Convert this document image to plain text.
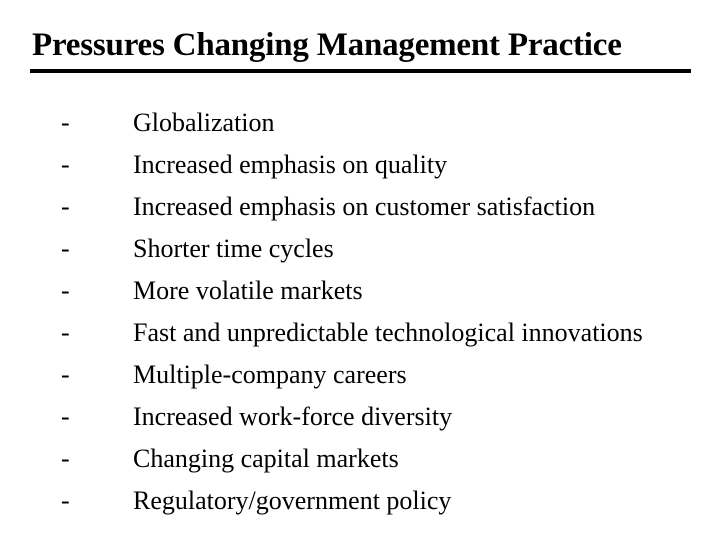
Pressures Changing Management Practice
- Globalization
- Increased emphasis on quality
- Increased emphasis on customer satisfaction
- Shorter time cycles
- More volatile markets
- Fast and unpredictable technological innovations
- Multiple-company careers
- Increased work-force diversity
- Changing capital markets
- Regulatory/government policy
